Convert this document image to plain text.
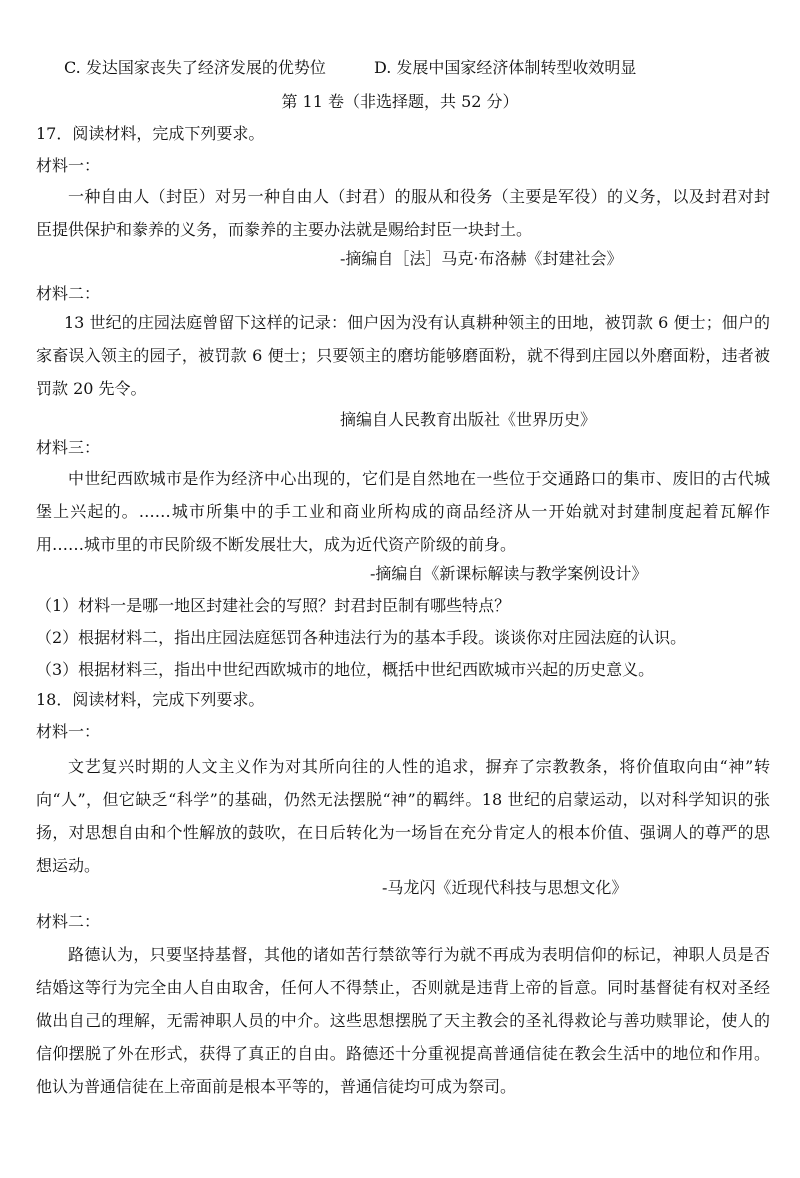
C. 发达国家丧失了经济发展的优势位	D. 发展中国家经济体制转型收效明显
第 11 卷（非选择题，共 52 分）
17．阅读材料，完成下列要求。
材料一：
一种自由人（封臣）对另一种自由人（封君）的服从和役务（主要是军役）的义务，以及封君对封臣提供保护和豢养的义务，而豢养的主要办法就是赐给封臣一块封土。
-摘编自［法］马克·布洛赫《封建社会》
材料二：
13 世纪的庄园法庭曾留下这样的记录：佃户因为没有认真耕种领主的田地，被罚款 6 便士；佃户的家畜误入领主的园子，被罚款 6 便士；只要领主的磨坊能够磨面粉，就不得到庄园以外磨面粉，违者被罚款 20 先令。
摘编自人民教育出版社《世界历史》
材料三：
中世纪西欧城市是作为经济中心出现的，它们是自然地在一些位于交通路口的集市、废旧的古代城堡上兴起的。……城市所集中的手工业和商业所构成的商品经济从一开始就对封建制度起着瓦解作用……城市里的市民阶级不断发展壮大，成为近代资产阶级的前身。
-摘编自《新课标解读与教学案例设计》
（1）材料一是哪一地区封建社会的写照？封君封臣制有哪些特点？
（2）根据材料二，指出庄园法庭惩罚各种违法行为的基本手段。谈谈你对庄园法庭的认识。
（3）根据材料三，指出中世纪西欧城市的地位，概括中世纪西欧城市兴起的历史意义。
18．阅读材料，完成下列要求。
材料一：
文艺复兴时期的人文主义作为对其所向往的人性的追求，摒弃了宗教教条，将价值取向由“神”转向“人”，但它缺乏“科学”的基础，仍然无法摆脱“神”的羁绊。18 世纪的启蒙运动，以对科学知识的张扬，对思想自由和个性解放的鼓吹，在日后转化为一场旨在充分肯定人的根本价值、强调人的尊严的思想运动。
-马龙闪《近现代科技与思想文化》
材料二：
路德认为，只要坚持基督，其他的诸如苦行禁欲等行为就不再成为表明信仰的标记，神职人员是否结婚这等行为完全由人自由取舍，任何人不得禁止，否则就是违背上帝的旨意。同时基督徒有权对圣经做出自己的理解，无需神职人员的中介。这些思想摆脱了天主教会的圣礼得救论与善功赎罪论，使人的信仰摆脱了外在形式，获得了真正的自由。路德还十分重视提高普通信徒在教会生活中的地位和作用。他认为普通信徒在上帝面前是根本平等的，普通信徒均可成为祭司。
